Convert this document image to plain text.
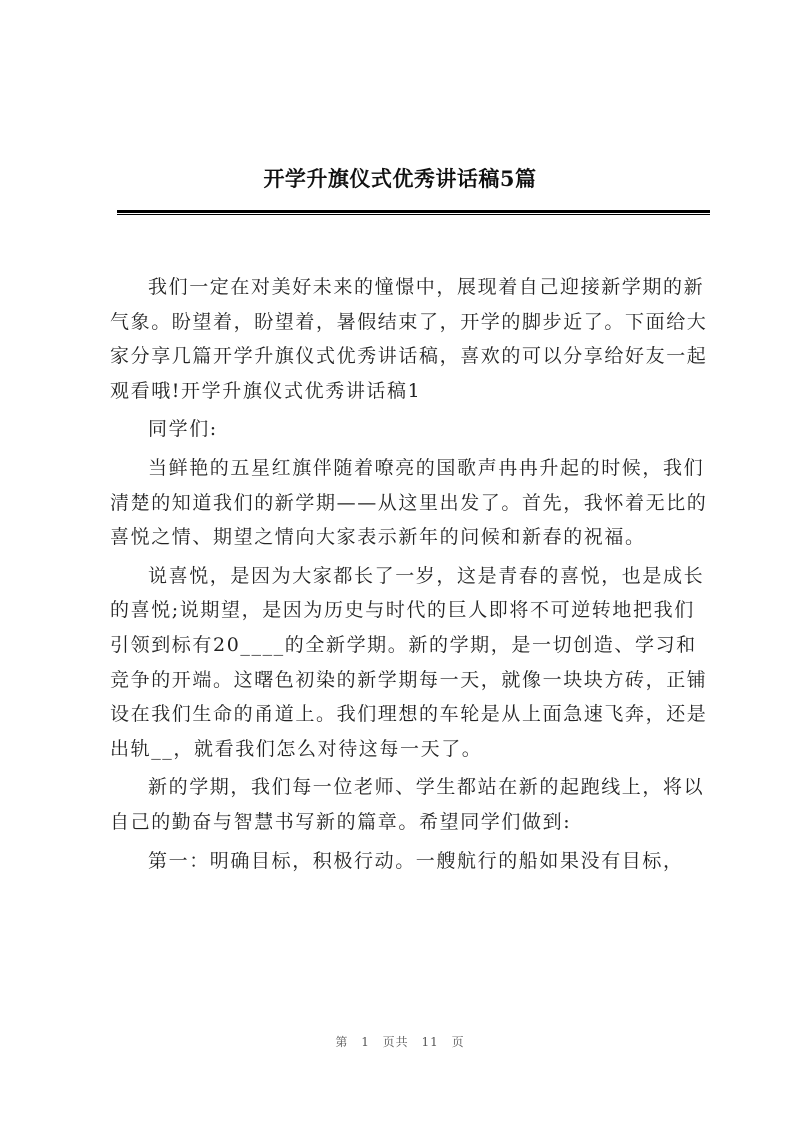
开学升旗仪式优秀讲话稿5篇

我们一定在对美好未来的憧憬中，展现着自己迎接新学期的新气象。盼望着，盼望着，暑假结束了，开学的脚步近了。下面给大家分享几篇开学升旗仪式优秀讲话稿，喜欢的可以分享给好友一起观看哦!开学升旗仪式优秀讲话稿1

同学们:

当鲜艳的五星红旗伴随着嘹亮的国歌声冉冉升起的时候，我们清楚的知道我们的新学期——从这里出发了。首先，我怀着无比的喜悦之情、期望之情向大家表示新年的问候和新春的祝福。

说喜悦，是因为大家都长了一岁，这是青春的喜悦，也是成长的喜悦;说期望，是因为历史与时代的巨人即将不可逆转地把我们引领到标有20____的全新学期。新的学期，是一切创造、学习和竞争的开端。这曙色初染的新学期每一天，就像一块块方砖，正铺设在我们生命的甬道上。我们理想的车轮是从上面急速飞奔，还是出轨__，就看我们怎么对待这每一天了。

新的学期，我们每一位老师、学生都站在新的起跑线上，将以自己的勤奋与智慧书写新的篇章。希望同学们做到:

第一：明确目标，积极行动。一艘航行的船如果没有目标，

第 1 页共 11 页
